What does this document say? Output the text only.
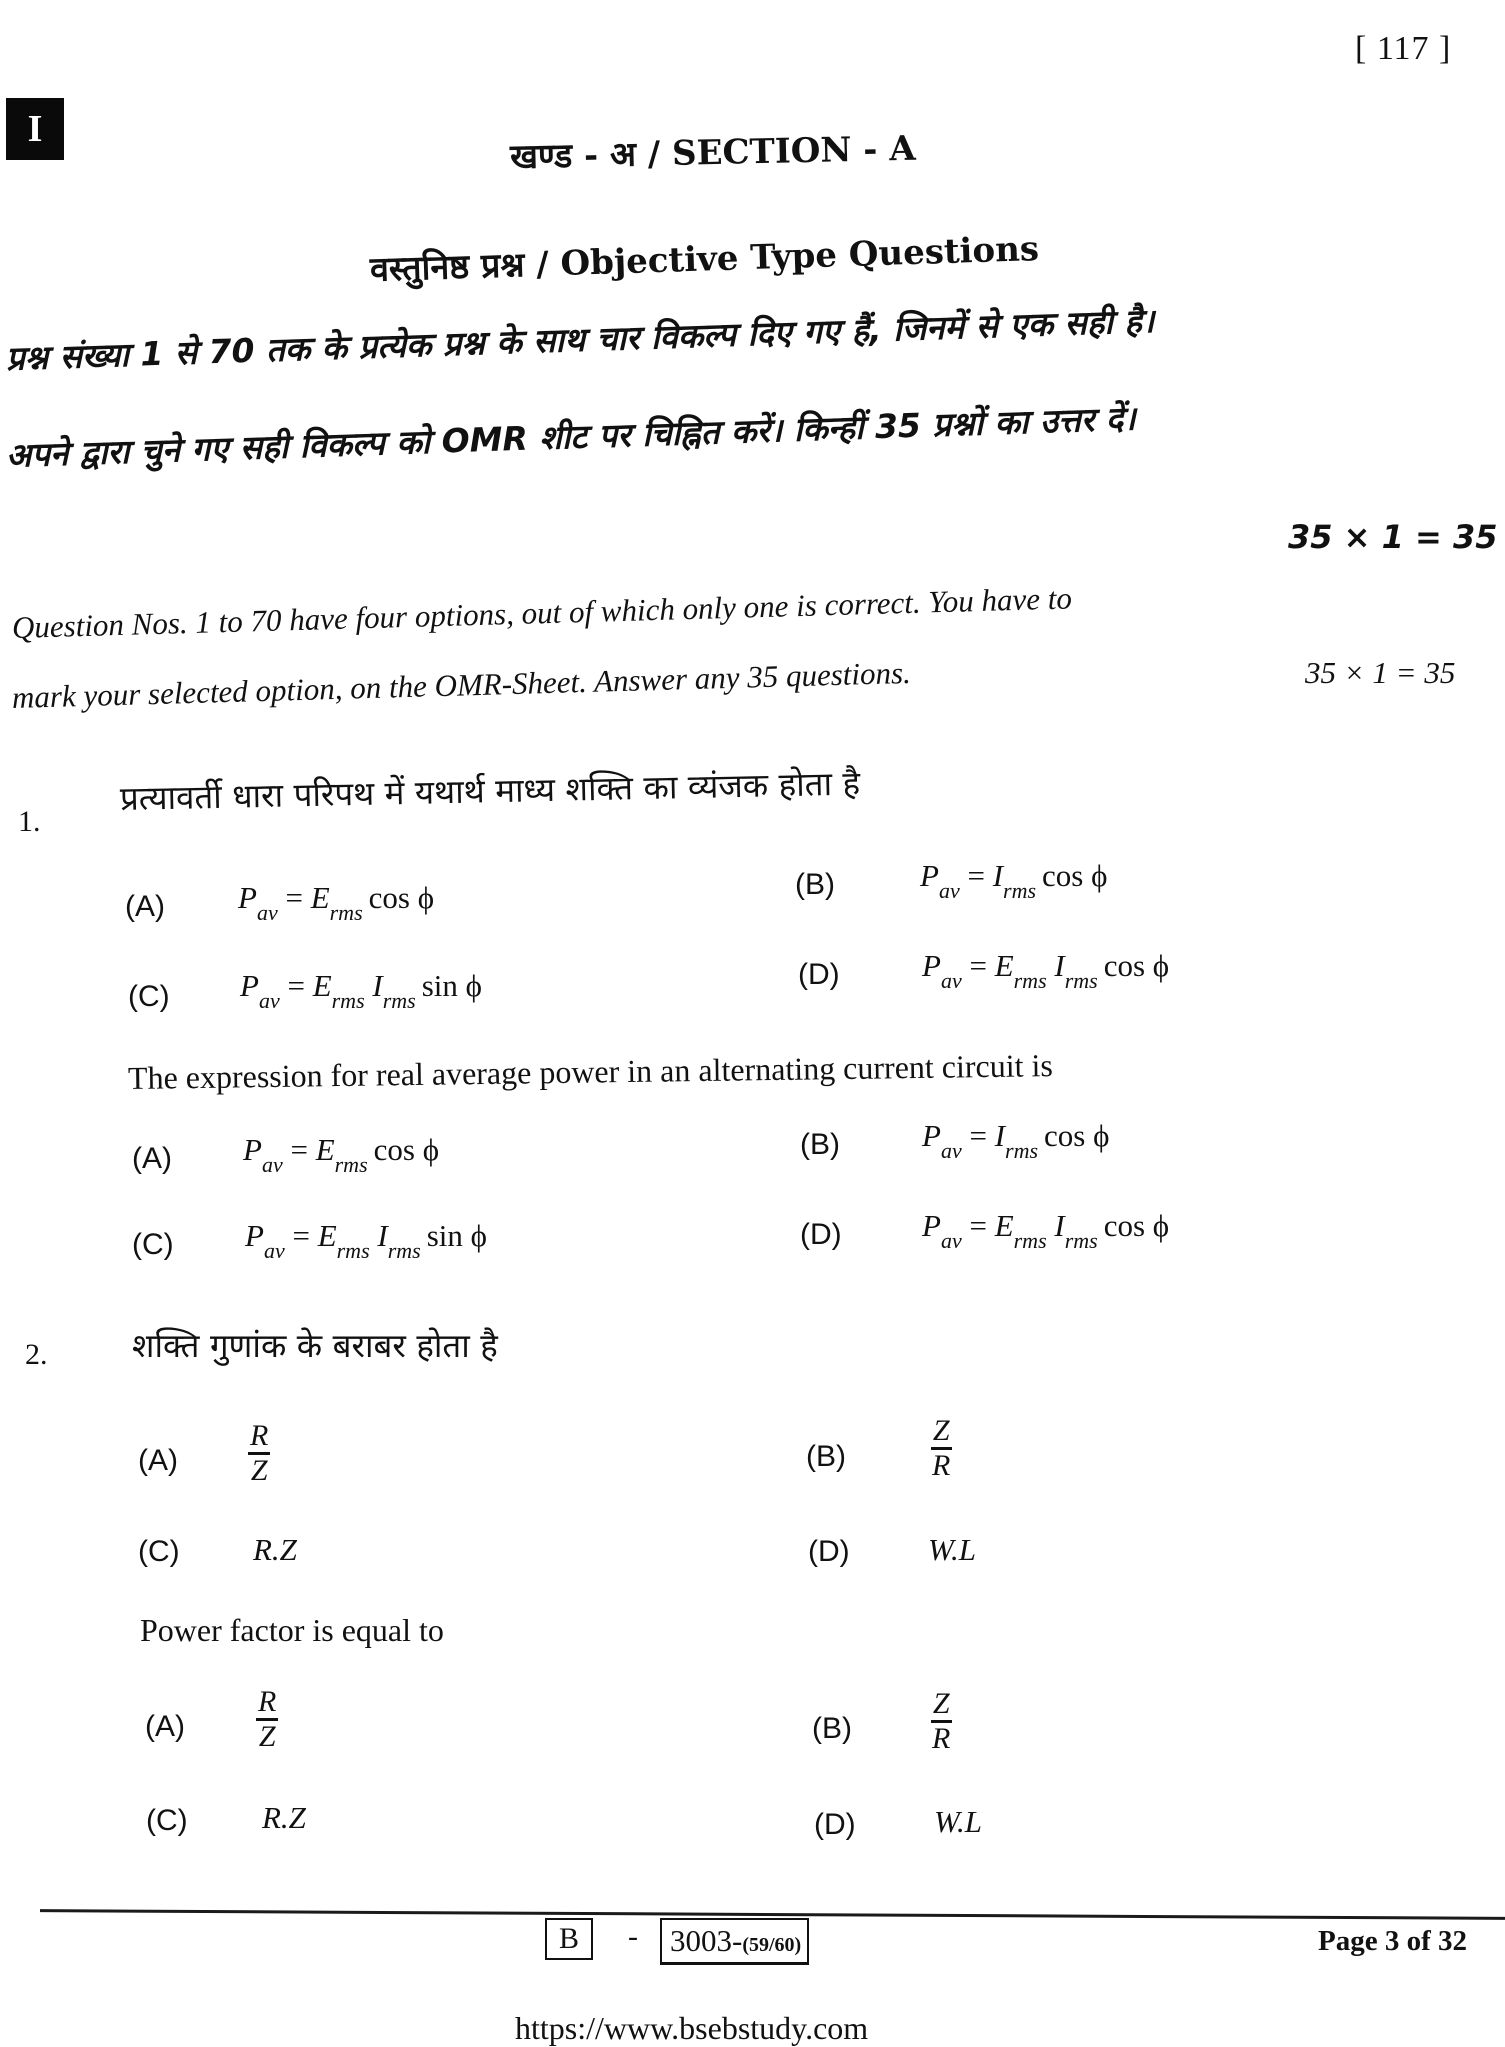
[ 117 ]
I	खण्ड - अ / SECTION - A
वस्तुनिष्ठ प्रश्न / Objective Type Questions
प्रश्न संख्या 1 से 70 तक के प्रत्येक प्रश्न के साथ चार विकल्प दिए गए हैं, जिनमें से एक सही है।
अपने द्वारा चुने गए सही विकल्प को OMR शीट पर चिह्नित करें। किन्हीं 35 प्रश्नों का उत्तर दें।
35 × 1 = 35
Question Nos. 1 to 70 have four options, out of which only one is correct. You have to
mark your selected option, on the OMR-Sheet. Answer any 35 questions.	35 × 1 = 35
1.
प्रत्यावर्ती धारा परिपथ में यथार्थ माध्य शक्ति का व्यंजक होता है
(A) $P_{av} = E_{rms}$ cos ϕ	(B)	$P_{av} = I_{rms}$ cos ϕ
(C) $P_{av} = E_{rms}$ $I_{rms}$ sin ϕ	(D)	$P_{av} = E_{rms}$ $I_{rms}$ cos ϕ
The expression for real average power in an alternating current circuit is
(A) $P_{av} = E_{rms}$ cos ϕ	(B)	$P_{av} = I_{rms}$ cos ϕ
(C) $P_{av} = E_{rms}$ $I_{rms}$ sin ϕ	(D)	$P_{av} = E_{rms}$ $I_{rms}$ cos ϕ
2.	शक्ति गुणांक के बराबर होता है
$(A) \frac{R}{Z}$	(B)	$\frac{Z}{R}$
(C) R.Z	(D)	W.L
Power factor is equal to
$(A) \frac{R}{Z}$	(B)	$\frac{Z}{R}$
(C) R.Z	(D)	W.L
B	-	3003-(59/60)	Page 3 of 32
https://www.bsebstudy.com
